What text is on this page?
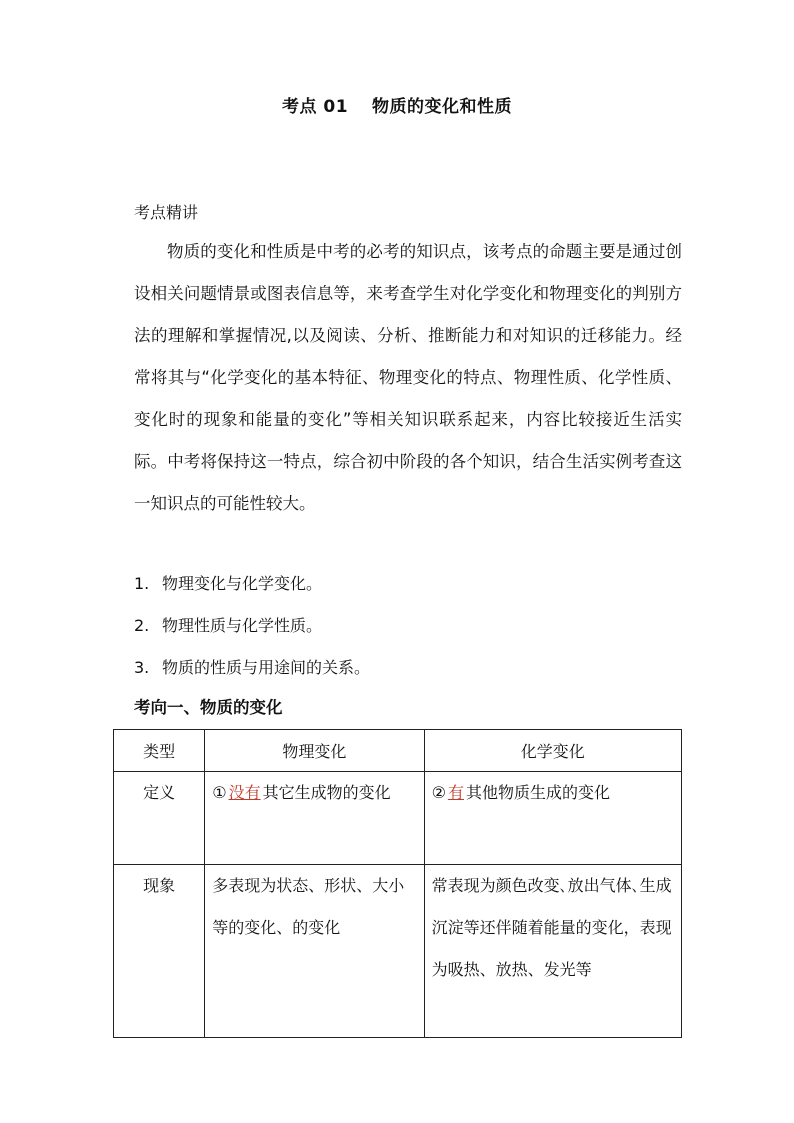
考点 01 物质的变化和性质
考点精讲

物质的变化和性质是中考的必考的知识点，该考点的命题主要是通过创设相关问题情景或图表信息等，来考查学生对化学变化和物理变化的判别方法的理解和掌握情况,以及阅读、分析、推断能力和对知识的迁移能力。经常将其与“化学变化的基本特征、物理变化的特点、物理性质、化学性质、变化时的现象和能量的变化”等相关知识联系起来，内容比较接近生活实际。中考将保持这一特点，综合初中阶段的各个知识，结合生活实例考查这一知识点的可能性较大。

1. 物理变化与化学变化。
2. 物理性质与化学性质。
3. 物质的性质与用途间的关系。
考向一、物质的变化
类型	物理变化	化学变化
定义	① 没有 其它生成物的变化	② 有 其他物质生成的变化
现象	多表现为状态、形状、大小等的变化、的变化	常表现为颜色改变､放出气体､生成沉淀等还伴随着能量的变化，表现为吸热、放热、发光等
